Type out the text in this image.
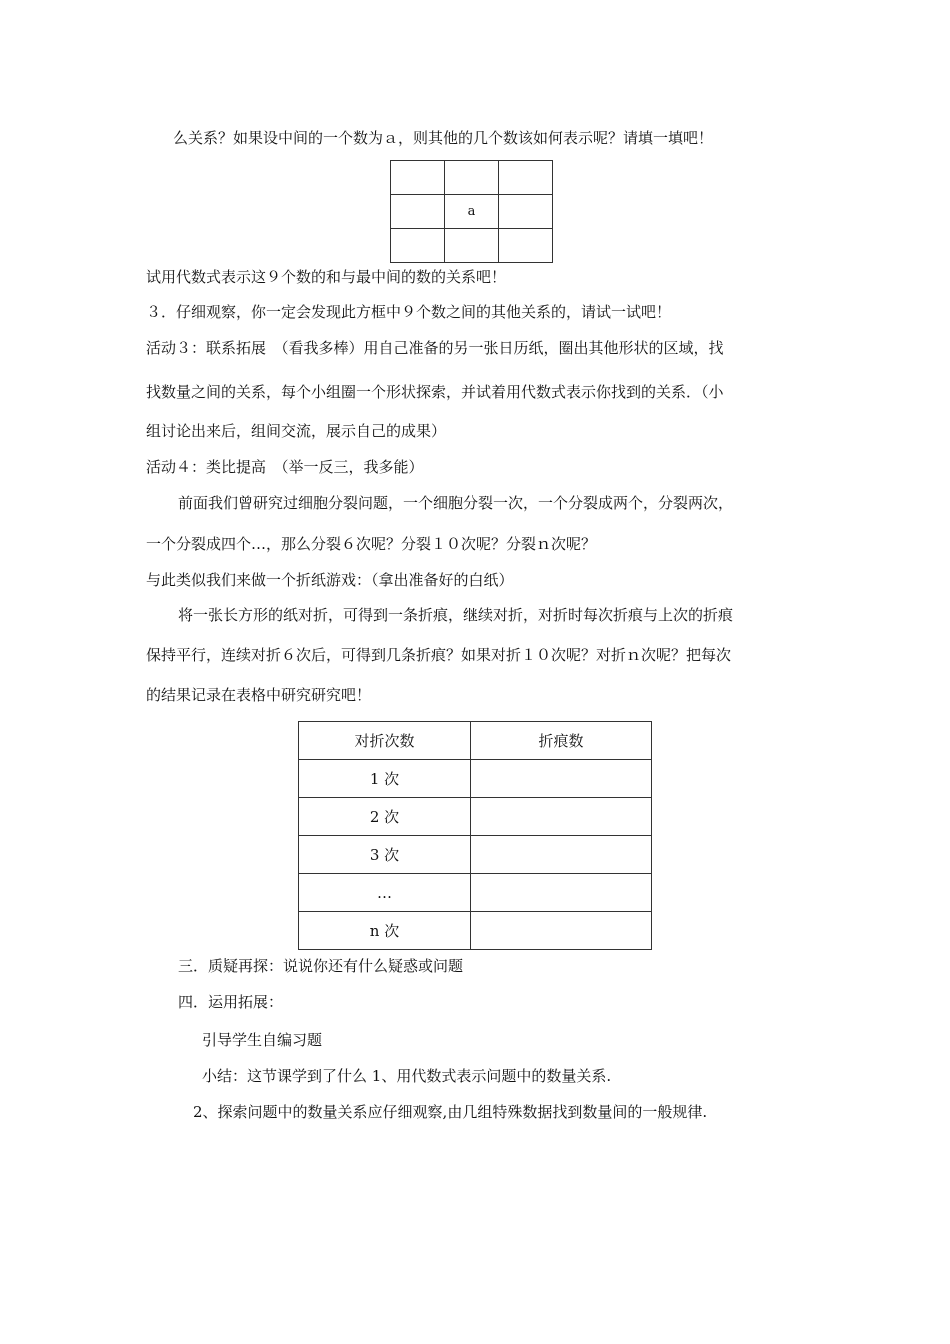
么关系？如果设中间的一个数为ａ，则其他的几个数该如何表示呢？请填一填吧！

	a	

试用代数式表示这９个数的和与最中间的数的关系吧！
３．仔细观察，你一定会发现此方框中９个数之间的其他关系的，请试一试吧！
活动３：联系拓展　（看我多棒）用自己准备的另一张日历纸，圈出其他形状的区域，找
找数量之间的关系，每个小组圈一个形状探索，并试着用代数式表示你找到的关系．（小
组讨论出来后，组间交流，展示自己的成果）
活动４：类比提高　（举一反三，我多能）
前面我们曾研究过细胞分裂问题，一个细胞分裂一次，一个分裂成两个，分裂两次，
一个分裂成四个…，那么分裂６次呢？分裂１０次呢？分裂ｎ次呢？
与此类似我们来做一个折纸游戏：（拿出准备好的白纸）
将一张长方形的纸对折，可得到一条折痕，继续对折，对折时每次折痕与上次的折痕
保持平行，连续对折６次后，可得到几条折痕？如果对折１０次呢？对折ｎ次呢？把每次
的结果记录在表格中研究研究吧！
对折次数	折痕数
1 次	
2 次	
3 次	
…	
n 次	
三．质疑再探：说说你还有什么疑惑或问题
四．运用拓展：
引导学生自编习题
小结：这节课学到了什么 1、用代数式表示问题中的数量关系.
2、探索问题中的数量关系应仔细观察,由几组特殊数据找到数量间的一般规律.
